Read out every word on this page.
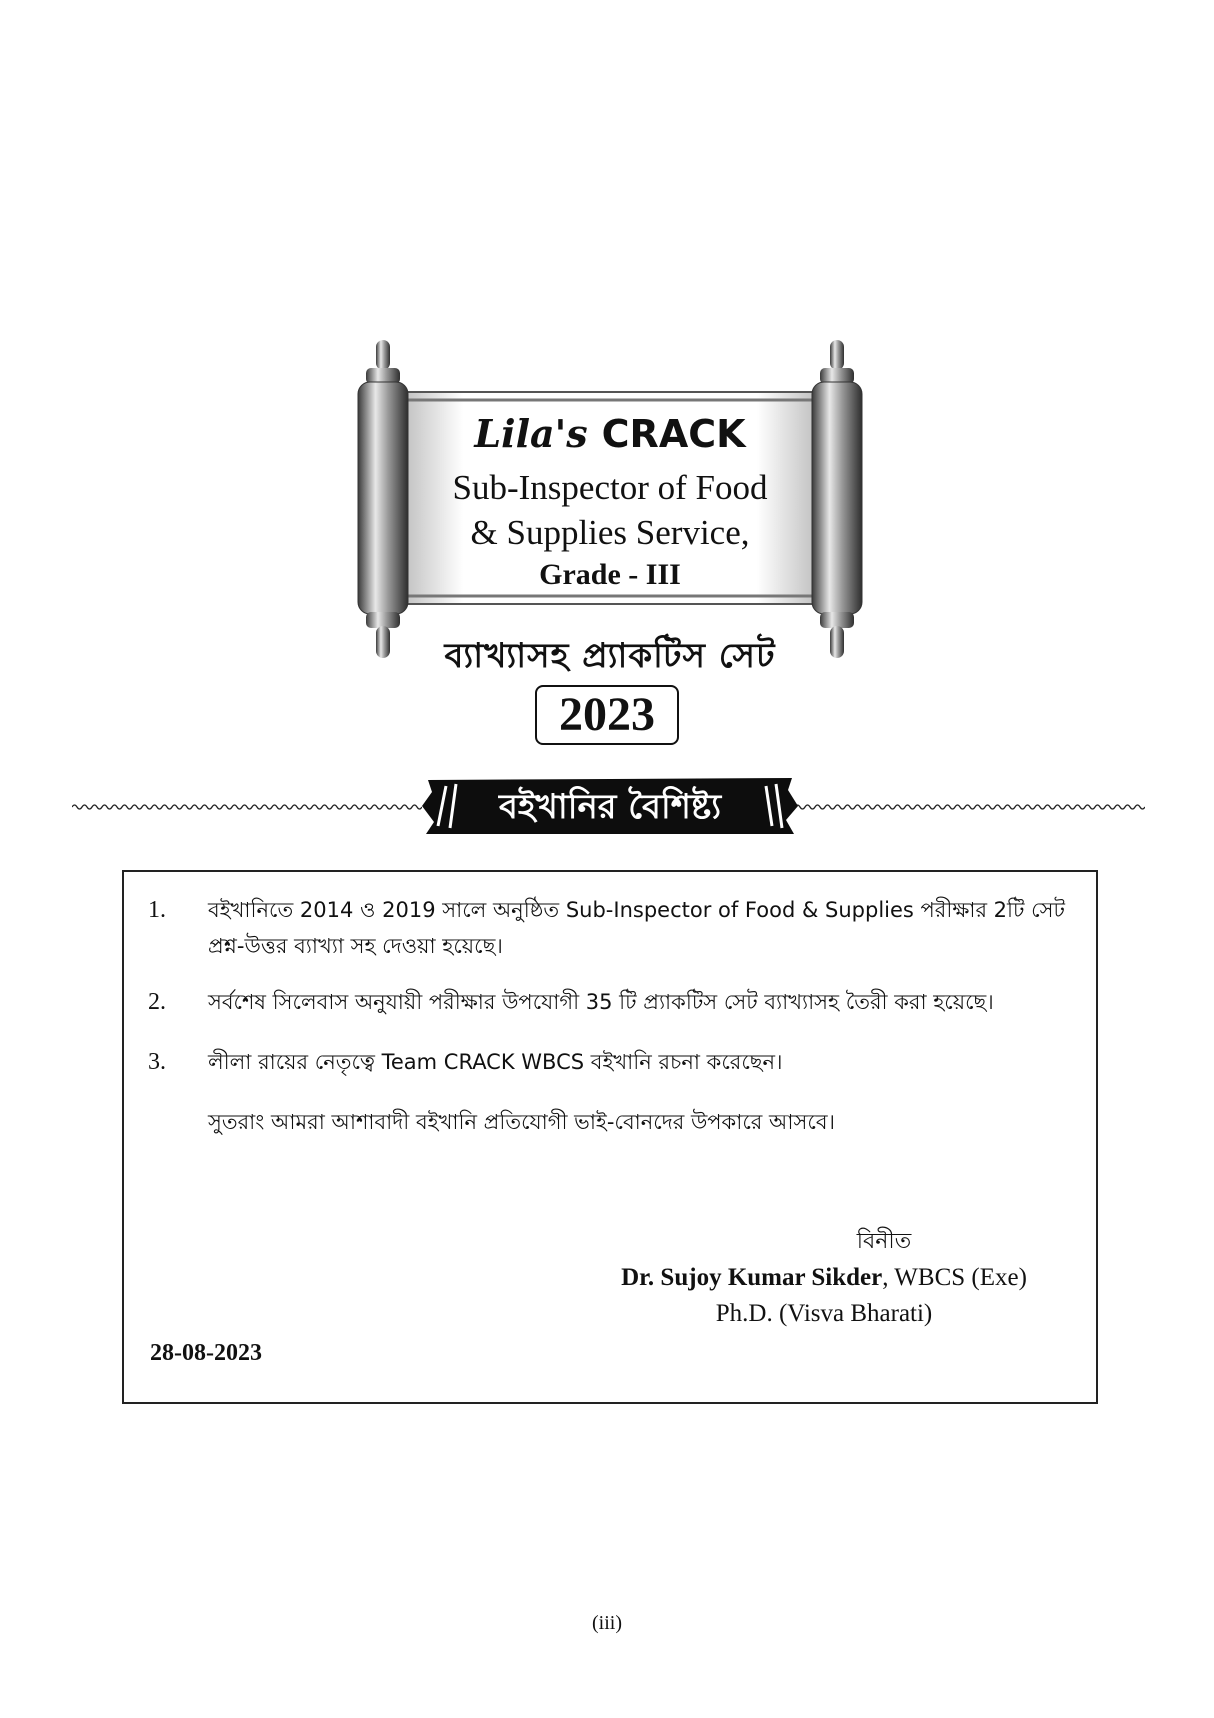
Lila's CRACK
Sub-Inspector of Food
& Supplies Service,
Grade - III
ব্যাখ্যাসহ প্র্যাকটিস সেট
2023
বইখানির বৈশিষ্ট্য
1.	বইখানিতে 2014 ও 2019 সালে অনুষ্ঠিত Sub-Inspector of Food & Supplies পরীক্ষার 2টি সেট প্রশ্ন-উত্তর ব্যাখ্যা সহ দেওয়া হয়েছে।
2.	সর্বশেষ সিলেবাস অনুযায়ী পরীক্ষার উপযোগী 35 টি প্র্যাকটিস সেট ব্যাখ্যাসহ তৈরী করা হয়েছে।
3.	লীলা রায়ের নেতৃত্বে Team CRACK WBCS বইখানি রচনা করেছেন।
সুতরাং আমরা আশাবাদী বইখানি প্রতিযোগী ভাই-বোনদের উপকারে আসবে।
বিনীত
Dr. Sujoy Kumar Sikder, WBCS (Exe)
Ph.D. (Visva Bharati)
28-08-2023
(iii)
